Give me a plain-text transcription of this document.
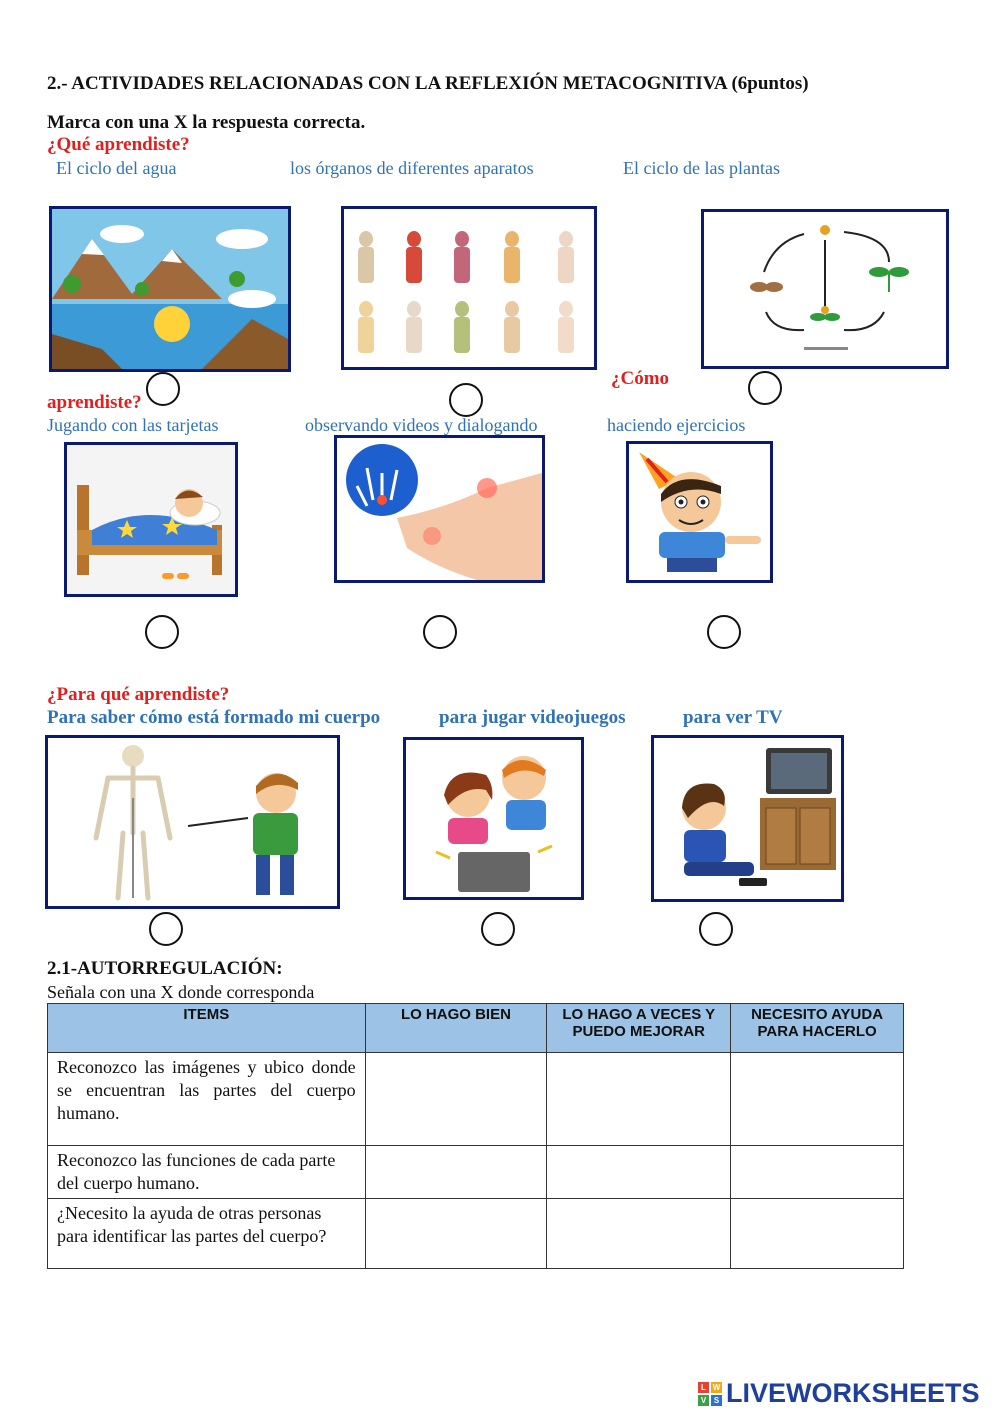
2.- ACTIVIDADES RELACIONADAS CON LA REFLEXIÓN METACOGNITIVA (6puntos)
Marca con una X la respuesta correcta.
¿Qué aprendiste?
El ciclo del agua	los órganos de diferentes aparatos	El ciclo de las plantas
¿Cómo
aprendiste?
Jugando con las tarjetas	observando videos y dialogando	haciendo ejercicios
¿Para qué aprendiste?
Para saber cómo está formado mi cuerpo	para jugar videojuegos	para ver TV
2.1-AUTORREGULACIÓN:
Señala con una X donde corresponda
ITEMS	LO HAGO BIEN	LO HAGO A VECES Y PUEDO MEJORAR	NECESITO AYUDA PARA HACERLO
Reconozco las imágenes y ubico donde se encuentran las partes del cuerpo humano.			
Reconozco las funciones de cada parte del cuerpo humano.			
¿Necesito la ayuda de otras personas para identificar las partes del cuerpo?			
L W
V S LIVEWORKSHEETS
